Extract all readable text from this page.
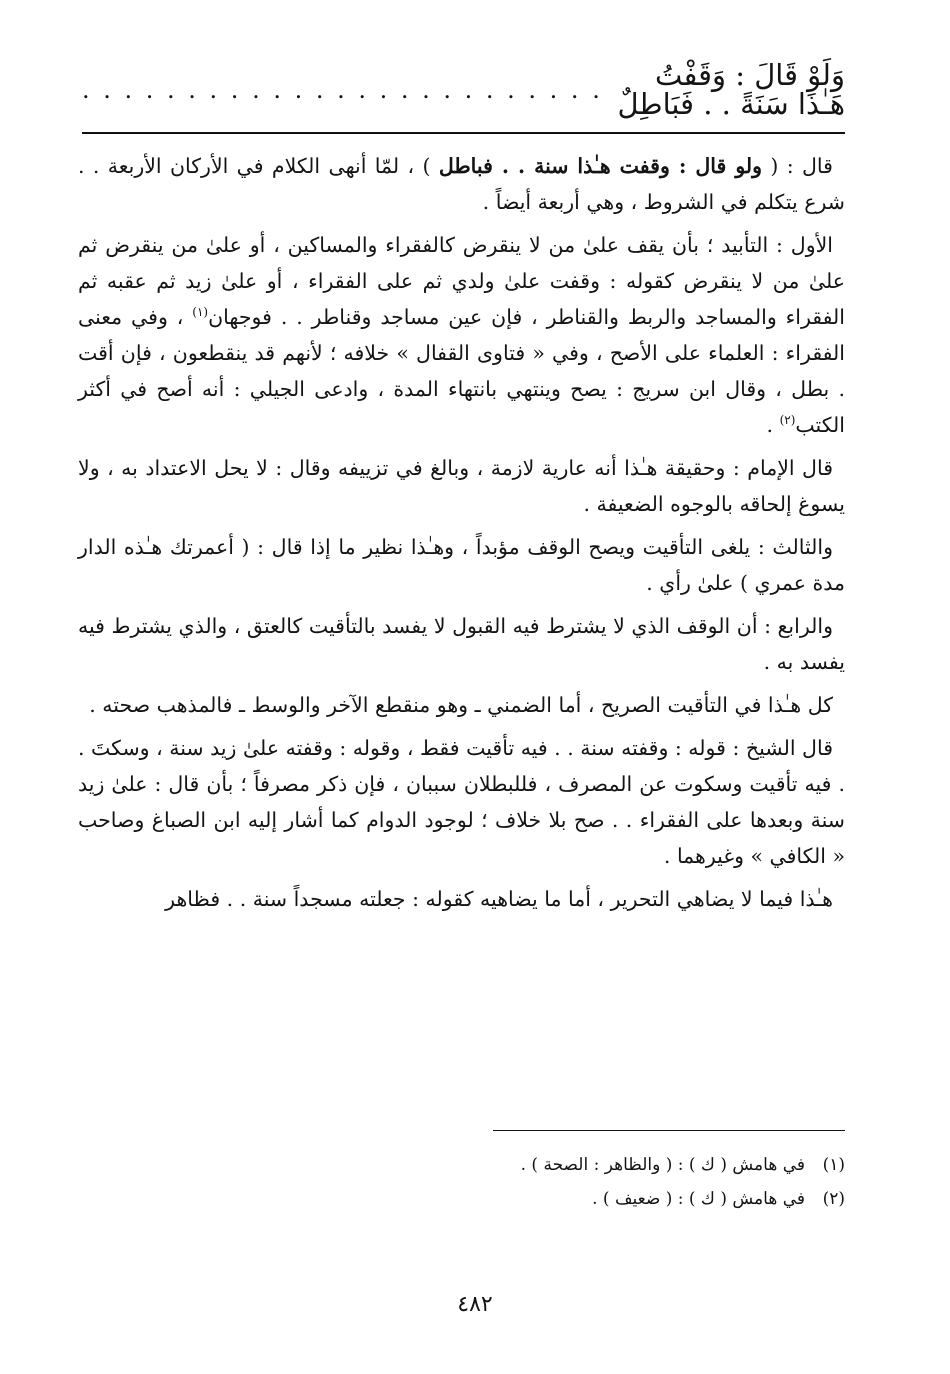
وَلَوْ قَالَ : وَقَفْتُ هَـٰذَا سَنَةً . . فَبَاطِلٌ
. . . . . . . . . . . . . . . . . . . . . . . . .

قال : ( ولو قال : وقفت هـٰذا سنة . . فباطل ) ، لمّا أنهى الكلام في الأركان الأربعة . . شرع يتكلم في الشروط ، وهي أربعة أيضاً .

الأول : التأبيد ؛ بأن يقف علىٰ من لا ينقرض كالفقراء والمساكين ، أو علىٰ من ينقرض ثم علىٰ من لا ينقرض كقوله : وقفت علىٰ ولدي ثم على الفقراء ، أو علىٰ زيد ثم عقبه ثم الفقراء والمساجد والربط والقناطر ، فإن عين مساجد وقناطر . . فوجهان$^{(١)}$ ، وفي معنى الفقراء : العلماء على الأصح ، وفي « فتاوى القفال » خلافه ؛ لأنهم قد ينقطعون ، فإن أقت . بطل ، وقال ابن سريج : يصح وينتهي بانتهاء المدة ، وادعى الجيلي : أنه أصح في أكثر الكتب$^{(٢)}$ .

قال الإمام : وحقيقة هـٰذا أنه عارية لازمة ، وبالغ في تزييفه وقال : لا يحل الاعتداد به ، ولا يسوغ إلحاقه بالوجوه الضعيفة .

والثالث : يلغى التأقيت ويصح الوقف مؤبداً ، وهـٰذا نظير ما إذا قال : ( أعمرتك هـٰذه الدار مدة عمري ) علىٰ رأي .

والرابع : أن الوقف الذي لا يشترط فيه القبول لا يفسد بالتأقيت كالعتق ، والذي يشترط فيه يفسد به .

كل هـٰذا في التأقيت الصريح ، أما الضمني ـ وهو منقطع الآخر والوسط ـ فالمذهب صحته .

قال الشيخ : قوله : وقفته سنة . . فيه تأقيت فقط ، وقوله : وقفته علىٰ زيد سنة ، وسكتَ . . فيه تأقيت وسكوت عن المصرف ، فللبطلان سببان ، فإن ذكر مصرفاً ؛ بأن قال : علىٰ زيد سنة وبعدها على الفقراء . . صح بلا خلاف ؛ لوجود الدوام كما أشار إليه ابن الصباغ وصاحب « الكافي » وغيرهما .

هـٰذا فيما لا يضاهي التحرير ، أما ما يضاهيه كقوله : جعلته مسجداً سنة . . فظاهر

(١)
في هامش ( ك ) : ( والظاهر : الصحة ) .
(٢)
في هامش ( ك ) : ( ضعيف ) .
٤٨٢
